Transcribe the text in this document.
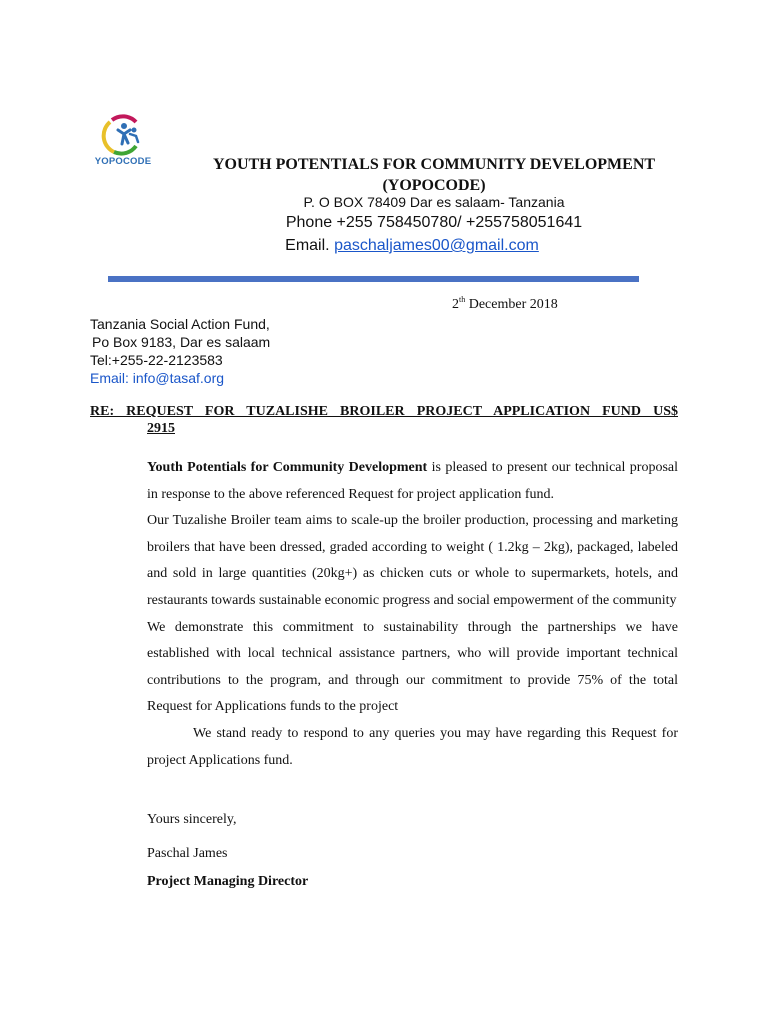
YOPOCODE	YOUTH POTENTIALS FOR COMMUNITY DEVELOPMENT
(YOPOCODE)
P. O BOX 78409 Dar es salaam- Tanzania
Phone +255 758450780/ +255758051641
Email. paschaljames00@gmail.com
2th December 2018
Tanzania Social Action Fund,
Po Box 9183, Dar es salaam
Tel:+255-22-2123583
Email: info@tasaf.org
RE: REQUEST FOR TUZALISHE BROILER PROJECT APPLICATION FUND US$
2915

Youth Potentials for Community Development is pleased to present our technical proposal in response to the above referenced Request for project application fund.

Our Tuzalishe Broiler team aims to scale-up the broiler production, processing and marketing broilers that have been dressed, graded according to weight ( 1.2kg – 2kg), packaged, labeled and sold in large quantities (20kg+) as chicken cuts or whole to supermarkets, hotels, and restaurants towards sustainable economic progress and social empowerment of the community

We demonstrate this commitment to sustainability through the partnerships we have established with local technical assistance partners, who will provide important technical contributions to the program, and through our commitment to provide 75% of the total Request for Applications funds to the project

We stand ready to respond to any queries you may have regarding this Request for project Applications fund.

Yours sincerely,
Paschal James
Project Managing Director
